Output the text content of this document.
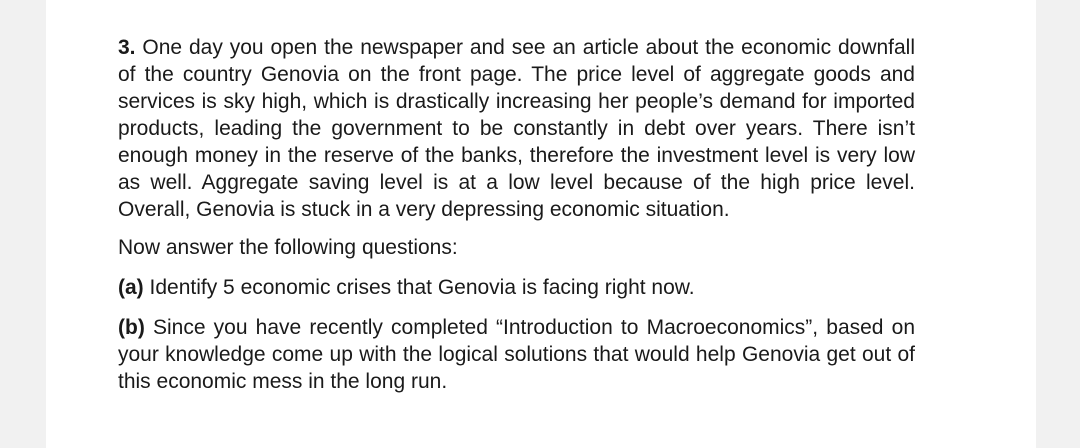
3. One day you open the newspaper and see an article about the economic downfall of the country Genovia on the front page. The price level of aggregate goods and services is sky high, which is drastically increasing her people’s demand for imported products, leading the government to be constantly in debt over years. There isn’t enough money in the reserve of the banks, therefore the investment level is very low as well. Aggregate saving level is at a low level because of the high price level. Overall, Genovia is stuck in a very depressing economic situation.

Now answer the following questions:

(a) Identify 5 economic crises that Genovia is facing right now.

(b) Since you have recently completed “Introduction to Macroeconomics”, based on your knowledge come up with the logical solutions that would help Genovia get out of this economic mess in the long run.
